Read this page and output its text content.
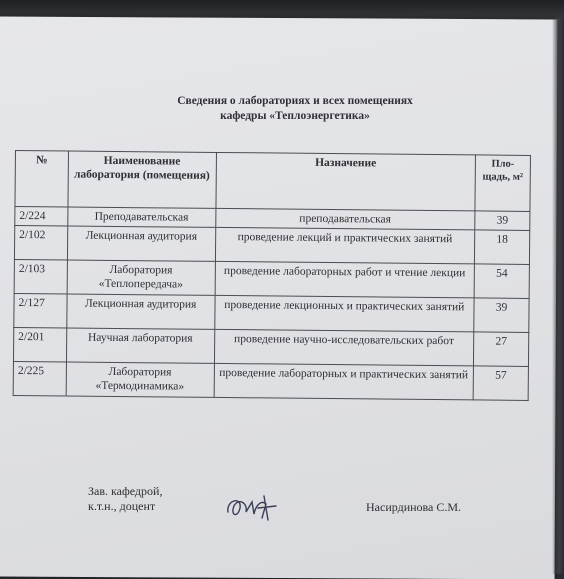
Сведения о лабораториях и всех помещениях
кафедры «Теплоэнергетика»
№	Наименование лаборатория (помещения)	Назначение	Пло-щадь, м²
2/224	Преподавательская	преподавательская	39
2/102	Лекционная аудитория	проведение лекций и практических занятий	18
2/103	Лаборатория «Теплопередача»	проведение лабораторных работ и чтение лекции	54
2/127	Лекционная аудитория	проведение лекционных и практических занятий	39
2/201	Научная лаборатория	проведение научно-исследовательских работ	27
2/225	Лаборатория «Термодинамика»	проведение лабораторных и практических занятий	57
Зав. кафедрой,
к.т.н., доцент	Насирдинова С.М.
